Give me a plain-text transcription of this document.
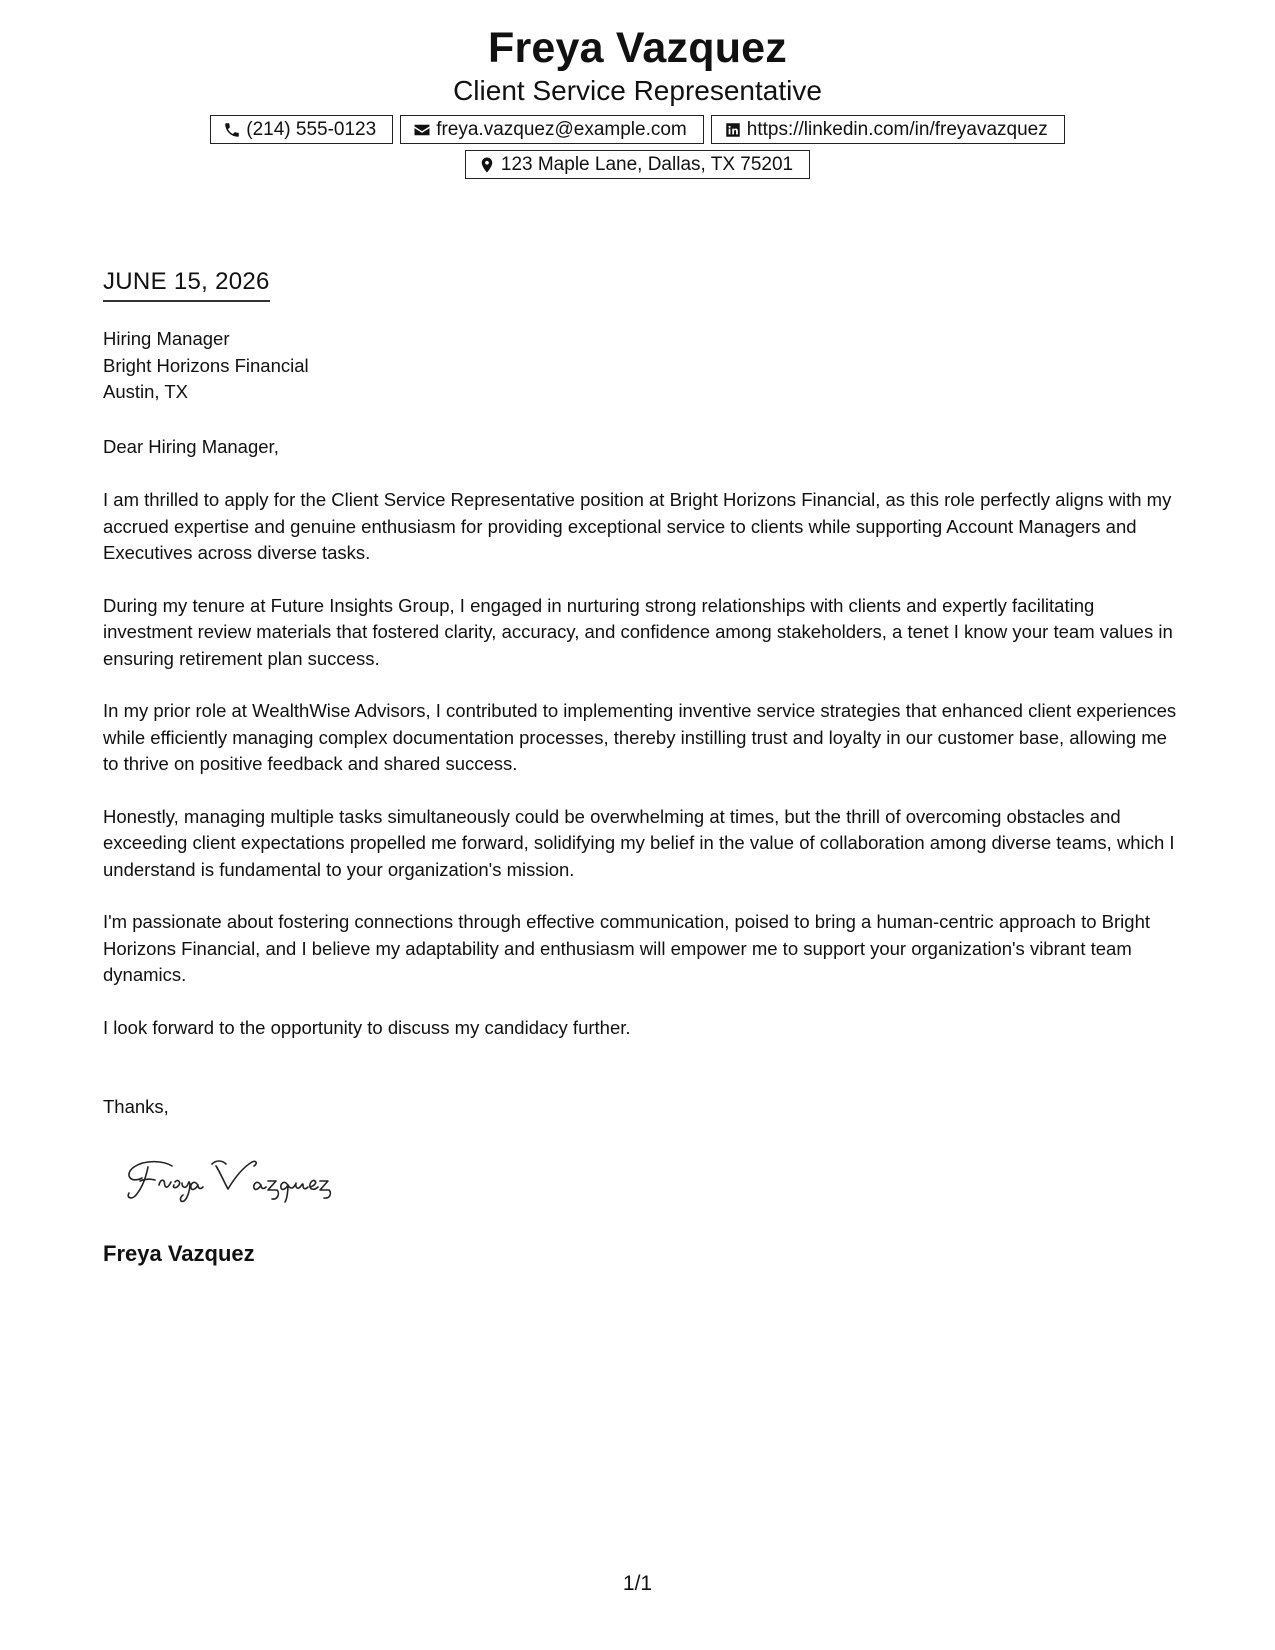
Freya Vazquez
Client Service Representative
(214) 555-0123	freya.vazquez@example.com	https://linkedin.com/in/freyavazquez
123 Maple Lane, Dallas, TX 75201
JUNE 15, 2026
Hiring Manager
Bright Horizons Financial
Austin, TX
Dear Hiring Manager,

I am thrilled to apply for the Client Service Representative position at Bright Horizons Financial, as this role perfectly aligns with my accrued expertise and genuine enthusiasm for providing exceptional service to clients while supporting Account Managers and Executives across diverse tasks.

During my tenure at Future Insights Group, I engaged in nurturing strong relationships with clients and expertly facilitating investment review materials that fostered clarity, accuracy, and confidence among stakeholders, a tenet I know your team values in ensuring retirement plan success.

In my prior role at WealthWise Advisors, I contributed to implementing inventive service strategies that enhanced client experiences while efficiently managing complex documentation processes, thereby instilling trust and loyalty in our customer base, allowing me to thrive on positive feedback and shared success.

Honestly, managing multiple tasks simultaneously could be overwhelming at times, but the thrill of overcoming obstacles and exceeding client expectations propelled me forward, solidifying my belief in the value of collaboration among diverse teams, which I understand is fundamental to your organization's mission.

I'm passionate about fostering connections through effective communication, poised to bring a human-centric approach to Bright Horizons Financial, and I believe my adaptability and enthusiasm will empower me to support your organization's vibrant team dynamics.

I look forward to the opportunity to discuss my candidacy further.

Thanks,
Freya Vazquez
1/1
